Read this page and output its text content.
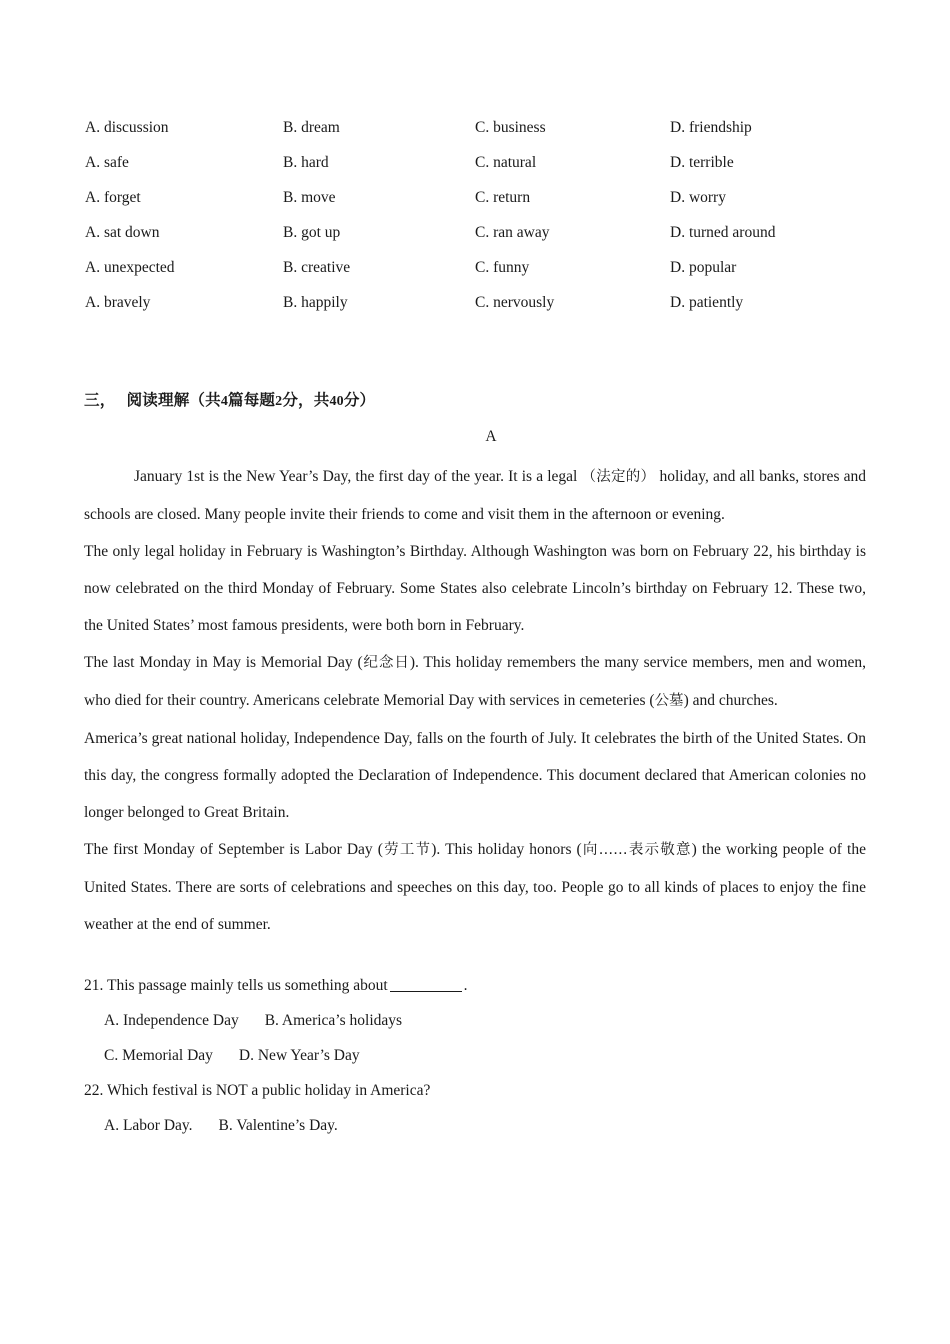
A. discussion	B. dream	C. business	D. friendship
A. safe	B. hard	C. natural	D. terrible
A. forget	B. move	C. return	D. worry
A. sat down	B. got up	C. ran away	D. turned around
A. unexpected	B. creative	C. funny	D. popular
A. bravely	B. happily	C. nervously	D. patiently
三， 阅读理解（共4篇每题2分，共40分）
A

January 1st is the New Year’s Day, the first day of the year. It is a legal （法定的） holiday, and all banks, stores and schools are closed. Many people invite their friends to come and visit them in the afternoon or evening.

The only legal holiday in February is Washington’s Birthday. Although Washington was born on February 22, his birthday is now celebrated on the third Monday of February. Some States also celebrate Lincoln’s birthday on February 12. These two, the United States’ most famous presidents, were both born in February.

The last Monday in May is Memorial Day (纪念日). This holiday remembers the many service members, men and women, who died for their country. Americans celebrate Memorial Day with services in cemeteries (公墓) and churches.

America’s great national holiday, Independence Day, falls on the fourth of July. It celebrates the birth of the United States. On this day, the congress formally adopted the Declaration of Independence. This document declared that American colonies no longer belonged to Great Britain.

The first Monday of September is Labor Day (劳工节). This holiday honors (向……表示敬意) the working people of the United States. There are sorts of celebrations and speeches on this day, too. People go to all kinds of places to enjoy the fine weather at the end of summer.

21. This passage mainly tells us something about	.
A. Independence Day B. America’s holidays
C. Memorial Day D. New Year’s Day
22. Which festival is NOT a public holiday in America?
A. Labor Day. B. Valentine’s Day.
